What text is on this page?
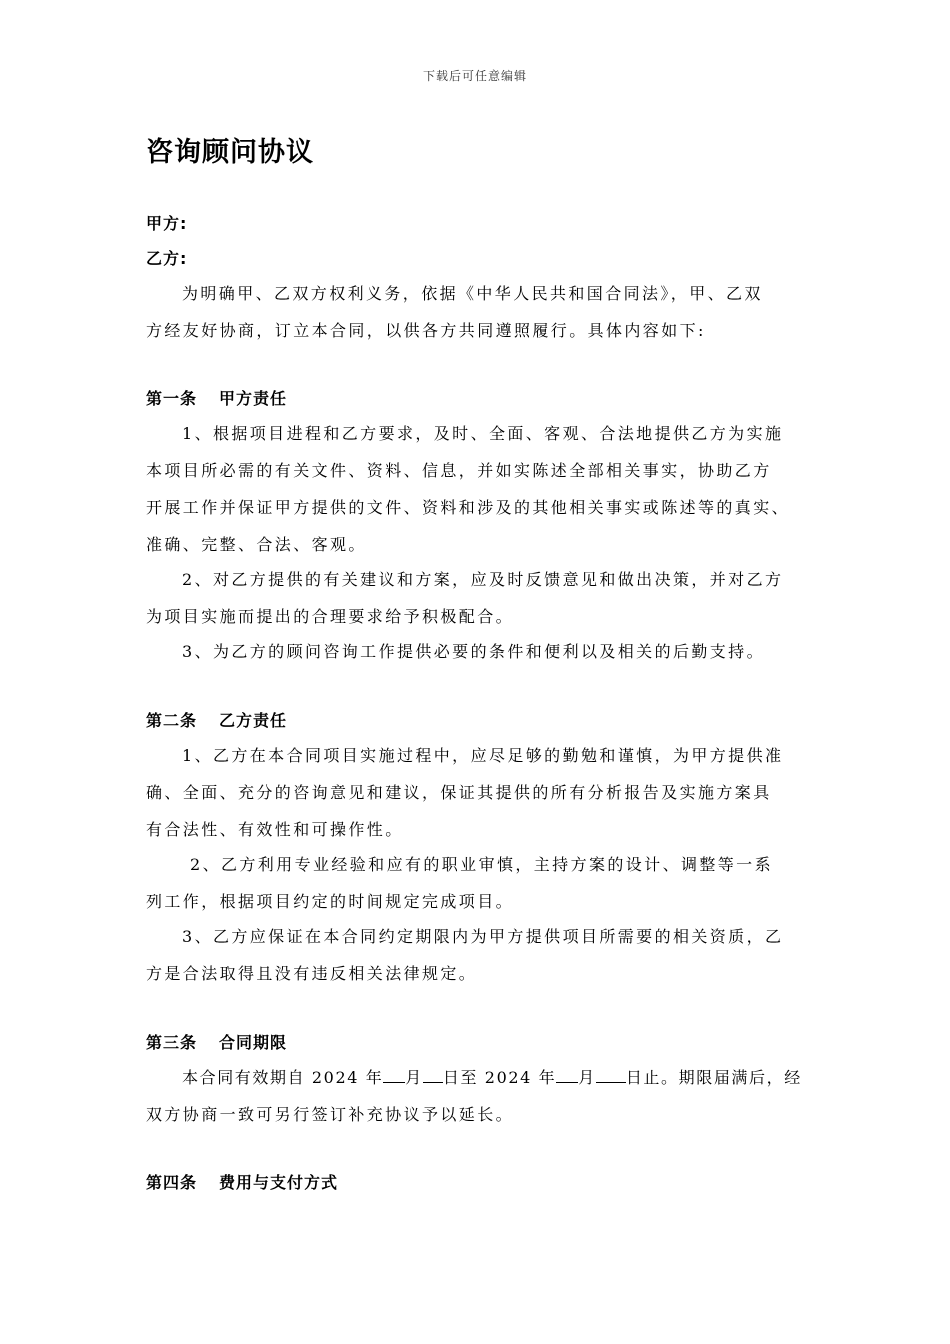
下载后可任意编辑
咨询顾问协议
甲方:
乙方:
为明确甲、乙双方权利义务，依据《中华人民共和国合同法》，甲、乙双
方经友好协商，订立本合同，以供各方共同遵照履行。具体内容如下:
第一条 甲方责任
1、根据项目进程和乙方要求，及时、全面、客观、合法地提供乙方为实施
本项目所必需的有关文件、资料、信息，并如实陈述全部相关事实，协助乙方
开展工作并保证甲方提供的文件、资料和涉及的其他相关事实或陈述等的真实、
准确、完整、合法、客观。
2、对乙方提供的有关建议和方案，应及时反馈意见和做出决策，并对乙方
为项目实施而提出的合理要求给予积极配合。
3、为乙方的顾问咨询工作提供必要的条件和便利以及相关的后勤支持。
第二条 乙方责任
1、乙方在本合同项目实施过程中，应尽足够的勤勉和谨慎，为甲方提供准
确、全面、充分的咨询意见和建议，保证其提供的所有分析报告及实施方案具
有合法性、有效性和可操作性。
2、乙方利用专业经验和应有的职业审慎，主持方案的设计、调整等一系
列工作，根据项目约定的时间规定完成项目。
3、乙方应保证在本合同约定期限内为甲方提供项目所需要的相关资质，乙
方是合法取得且没有违反相关法律规定。
第三条 合同期限
本合同有效期自 2024 年 月 日至 2024 年 月 日止。期限届满后，经
双方协商一致可另行签订补充协议予以延长。
第四条 费用与支付方式
